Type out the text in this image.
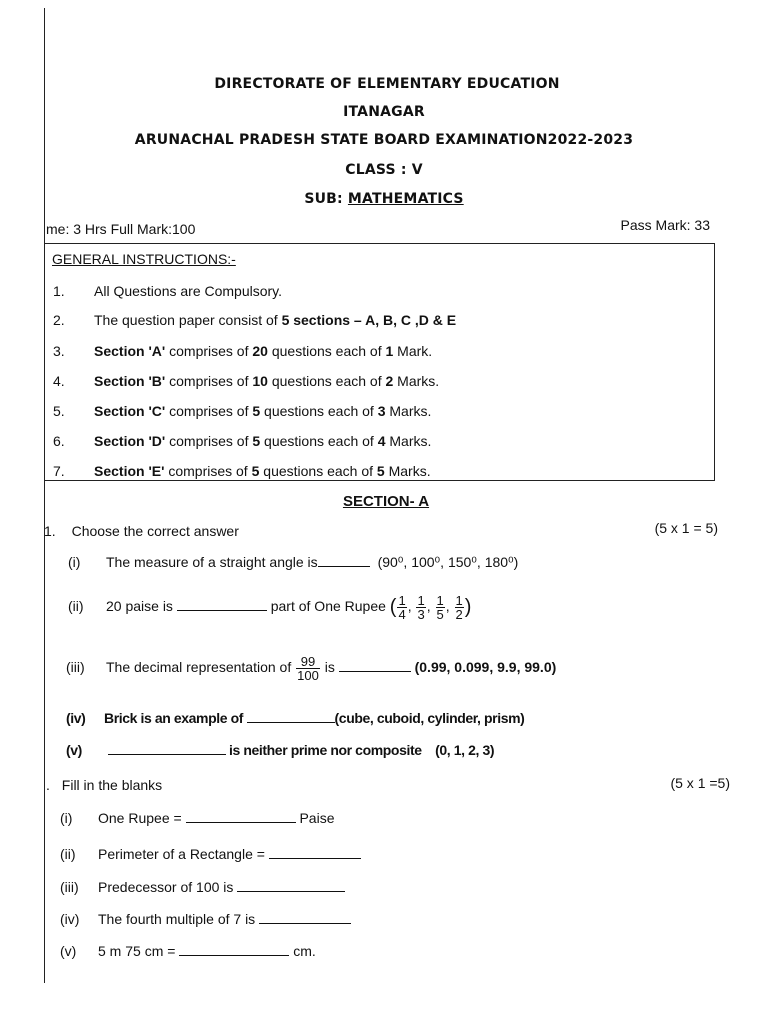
DIRECTORATE OF ELEMENTARY EDUCATION
ITANAGAR
ARUNACHAL PRADESH STATE BOARD EXAMINATION2022-2023
CLASS : V
SUB: MATHEMATICS
me: 3 Hrs Full Mark:100	Pass Mark: 33
GENERAL INSTRUCTIONS:-
1. All Questions are Compulsory.
2. The question paper consist of 5 sections – A, B, C ,D & E
3. Section 'A' comprises of 20 questions each of 1 Mark.
4. Section 'B' comprises of 10 questions each of 2 Marks.
5. Section 'C' comprises of 5 questions each of 3 Marks.
6. Section 'D' comprises of 5 questions each of 4 Marks.
7. Section 'E' comprises of 5 questions each of 5 Marks.
SECTION- A
1. Choose the correct answer	(5 x 1 = 5)
(i) The measure of a straight angle is	(90⁰, 100⁰, 150⁰, 180⁰)
(ii) 20 paise is	part of One Rupee ( $\frac{1}{4}$ , $\frac{1}{3}$ , $\frac{1}{5}$ , $\frac{1}{2}$ )
(iii) The decimal representation of $\frac{99}{100}$ is	(0.99, 0.099, 9.9, 99.0)
(iv) Brick is an example of	(cube, cuboid, cylinder, prism)
(v)	is neither prime nor composite (0, 1, 2, 3)
. Fill in the blanks	(5 x 1 =5)
(i) One Rupee =	Paise
(ii) Perimeter of a Rectangle =
(iii) Predecessor of 100 is
(iv) The fourth multiple of 7 is
(v) 5 m 75 cm =	cm.
